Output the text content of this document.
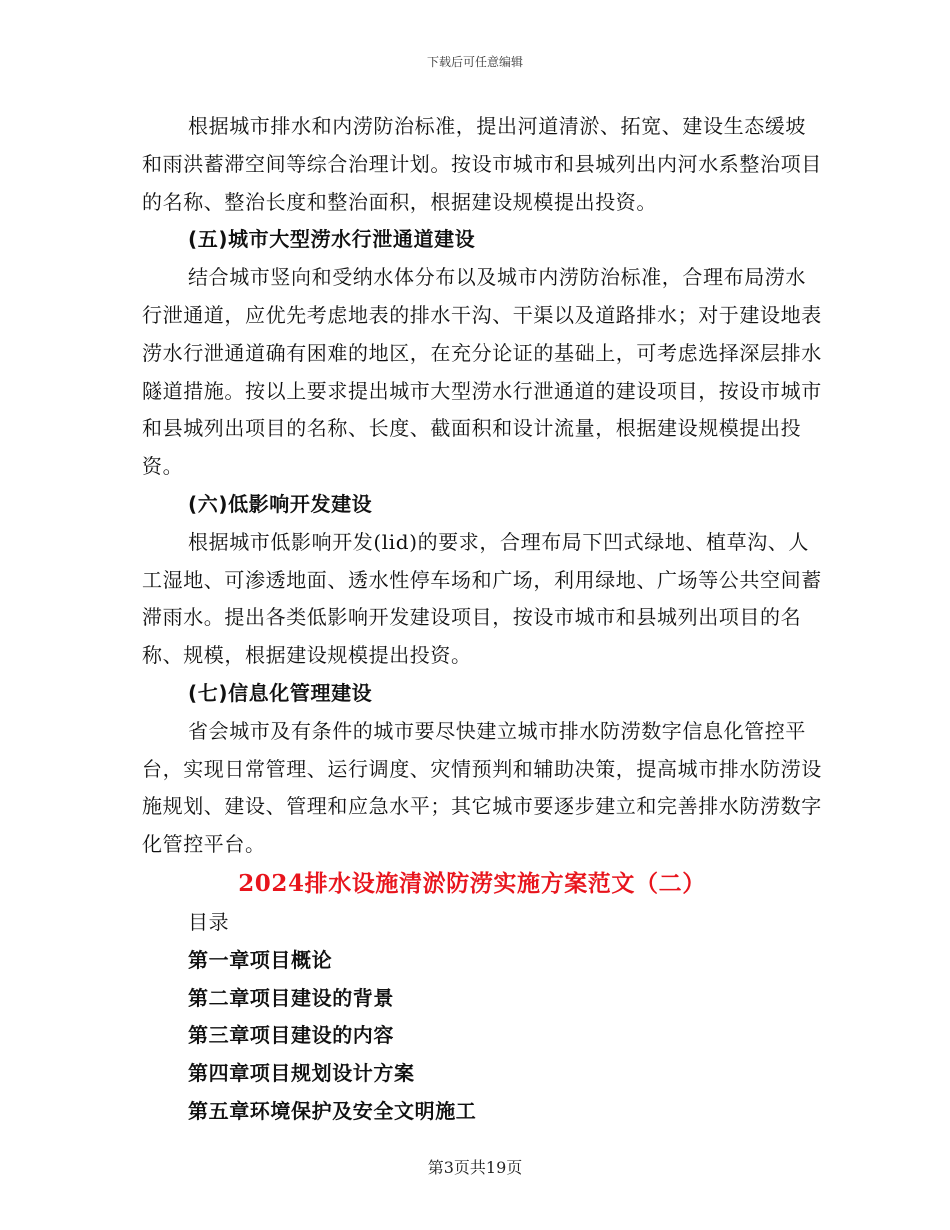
下载后可任意编辑

根据城市排水和内涝防治标准，提出河道清淤、拓宽、建设生态缓坡和雨洪蓄滞空间等综合治理计划。按设市城市和县城列出内河水系整治项目的名称、整治长度和整治面积，根据建设规模提出投资。

(五)城市大型涝水行泄通道建设

结合城市竖向和受纳水体分布以及城市内涝防治标准，合理布局涝水行泄通道，应优先考虑地表的排水干沟、干渠以及道路排水；对于建设地表涝水行泄通道确有困难的地区，在充分论证的基础上，可考虑选择深层排水隧道措施。按以上要求提出城市大型涝水行泄通道的建设项目，按设市城市和县城列出项目的名称、长度、截面积和设计流量，根据建设规模提出投资。

(六)低影响开发建设

根据城市低影响开发(lid)的要求，合理布局下凹式绿地、植草沟、人工湿地、可渗透地面、透水性停车场和广场，利用绿地、广场等公共空间蓄滞雨水。提出各类低影响开发建设项目，按设市城市和县城列出项目的名称、规模，根据建设规模提出投资。

(七)信息化管理建设

省会城市及有条件的城市要尽快建立城市排水防涝数字信息化管控平台，实现日常管理、运行调度、灾情预判和辅助决策，提高城市排水防涝设施规划、建设、管理和应急水平；其它城市要逐步建立和完善排水防涝数字化管控平台。

2024排水设施清淤防涝实施方案范文（二）

目录

第一章项目概论

第二章项目建设的背景

第三章项目建设的内容

第四章项目规划设计方案

第五章环境保护及安全文明施工

第3页共19页
